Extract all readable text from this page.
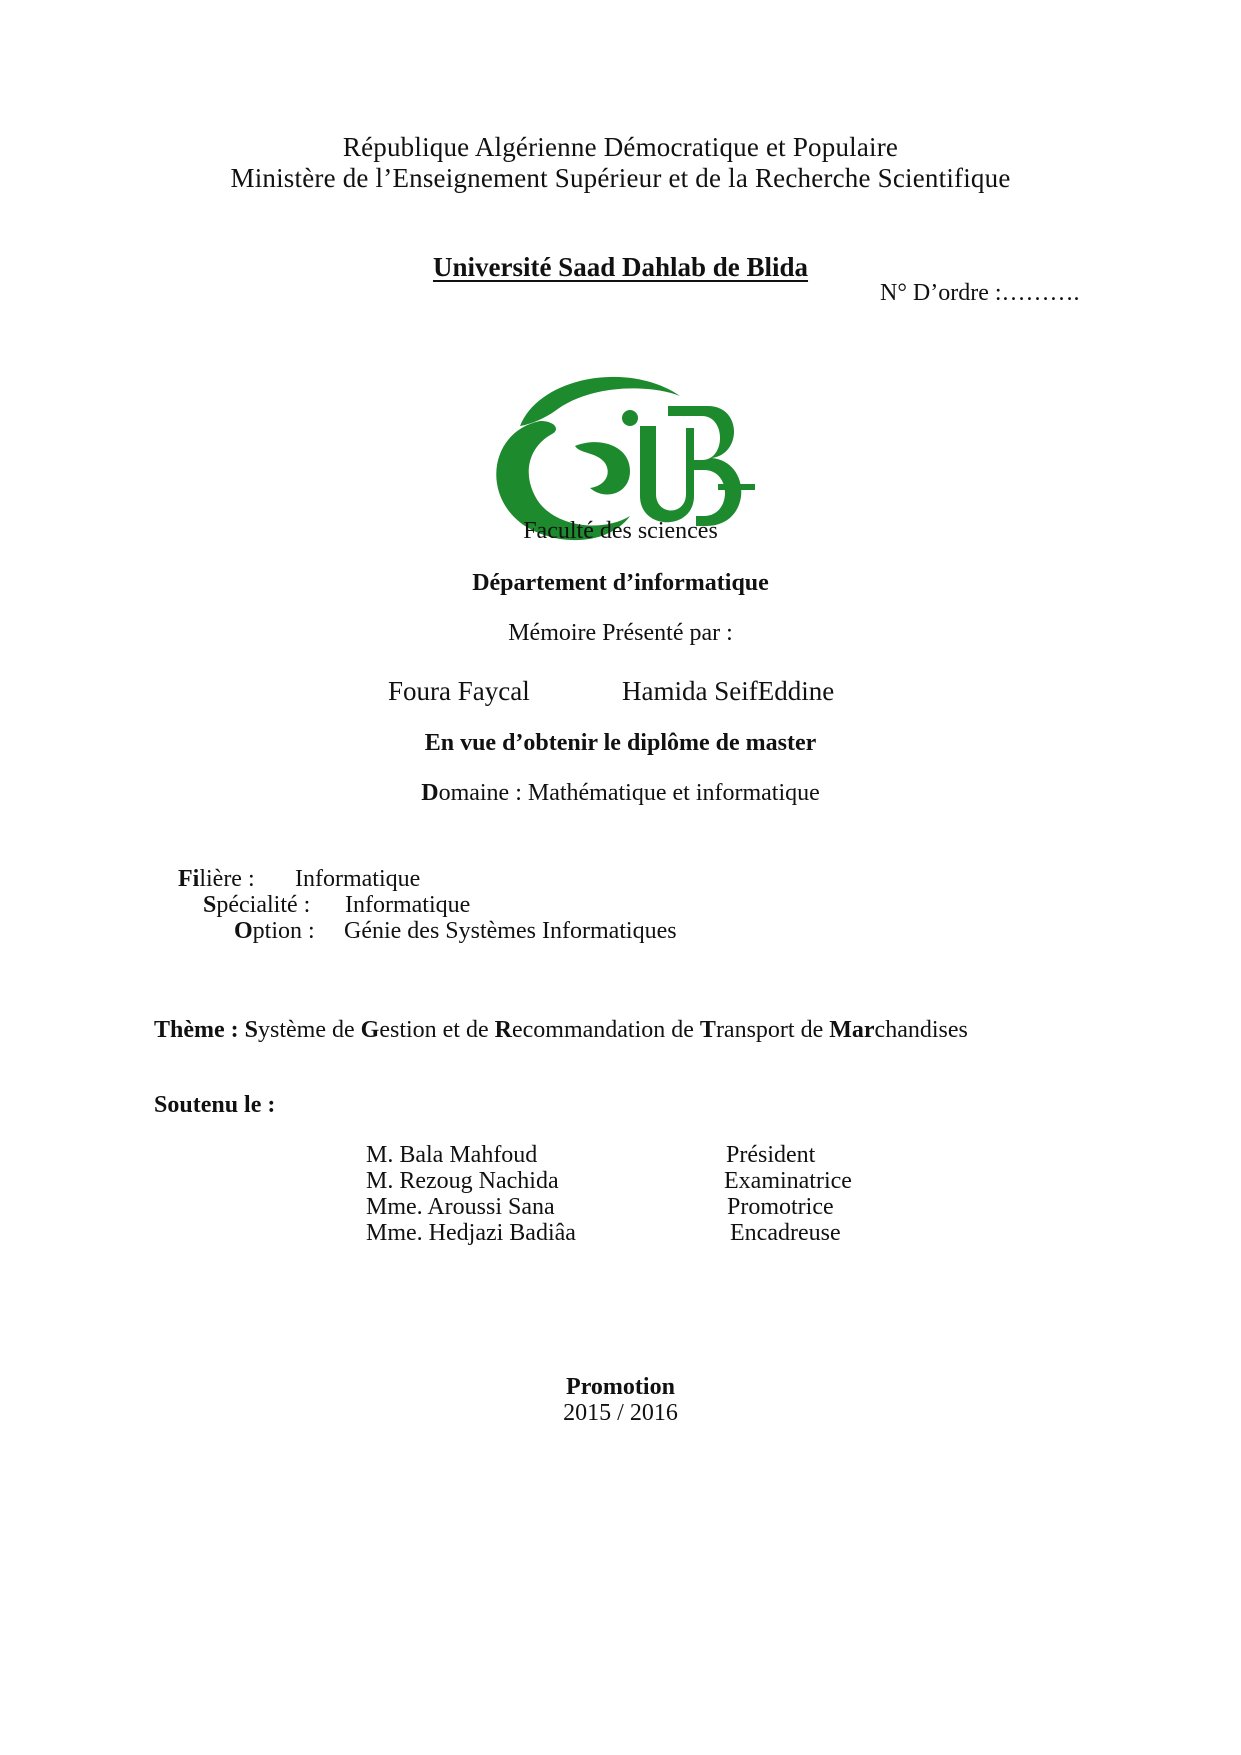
République Algérienne Démocratique et Populaire
Ministère de l’Enseignement Supérieur et de la Recherche Scientifique
Université Saad Dahlab de Blida
N° D’ordre :……….
Faculté des sciences
Département d’informatique
Mémoire Présenté par :
Foura Faycal	Hamida SeifEddine
En vue d’obtenir le diplôme de master
Domaine : Mathématique et informatique
Filière : Informatique
Spécialité : Informatique
Option : Génie des Systèmes Informatiques
Thème : Système de Gestion et de Recommandation de Transport de Marchandises
Soutenu le :
M. Bala Mahfoud	Président
M. Rezoug Nachida	Examinatrice
Mme. Aroussi Sana	Promotrice
Mme. Hedjazi Badiâa	Encadreuse
Promotion
2015 / 2016
